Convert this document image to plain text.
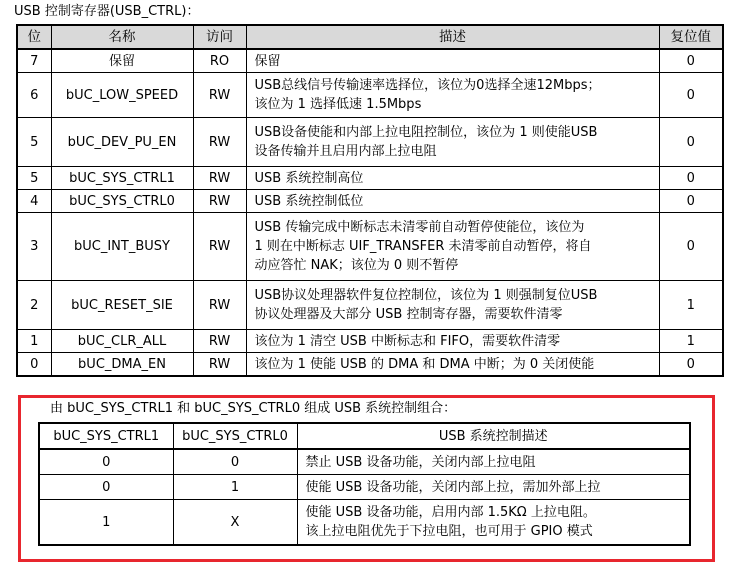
USB 控制寄存器(USB_CTRL)：
位	名称	访问	描述	复位值
7	保留	RO	保留	0
6	bUC_LOW_SPEED	RW	USB总线信号传输速率选择位，该位为0选择全速12Mbps；
该位为 1 选择低速 1.5Mbps	0
5	bUC_DEV_PU_EN	RW	USB设备使能和内部上拉电阻控制位，该位为 1 则使能USB
设备传输并且启用内部上拉电阻	0
5	bUC_SYS_CTRL1	RW	USB 系统控制高位	0
4	bUC_SYS_CTRL0	RW	USB 系统控制低位	0
3	bUC_INT_BUSY	RW	USB 传输完成中断标志未清零前自动暂停使能位，该位为
1 则在中断标志 UIF_TRANSFER 未清零前自动暂停，将自
动应答忙 NAK；该位为 0 则不暂停	0
2	bUC_RESET_SIE	RW	USB协议处理器软件复位控制位，该位为 1 则强制复位USB
协议处理器及大部分 USB 控制寄存器，需要软件清零	1
1	bUC_CLR_ALL	RW	该位为 1 清空 USB 中断标志和 FIFO，需要软件清零	1
0	bUC_DMA_EN	RW	该位为 1 使能 USB 的 DMA 和 DMA 中断；为 0 关闭使能	0
由 bUC_SYS_CTRL1 和 bUC_SYS_CTRL0 组成 USB 系统控制组合：
bUC_SYS_CTRL1	bUC_SYS_CTRL0	USB 系统控制描述
0	0	禁止 USB 设备功能，关闭内部上拉电阻
0	1	使能 USB 设备功能，关闭内部上拉，需加外部上拉
1	X	使能 USB 设备功能，启用内部 1.5KΩ 上拉电阻。
该上拉电阻优先于下拉电阻，也可用于 GPIO 模式
